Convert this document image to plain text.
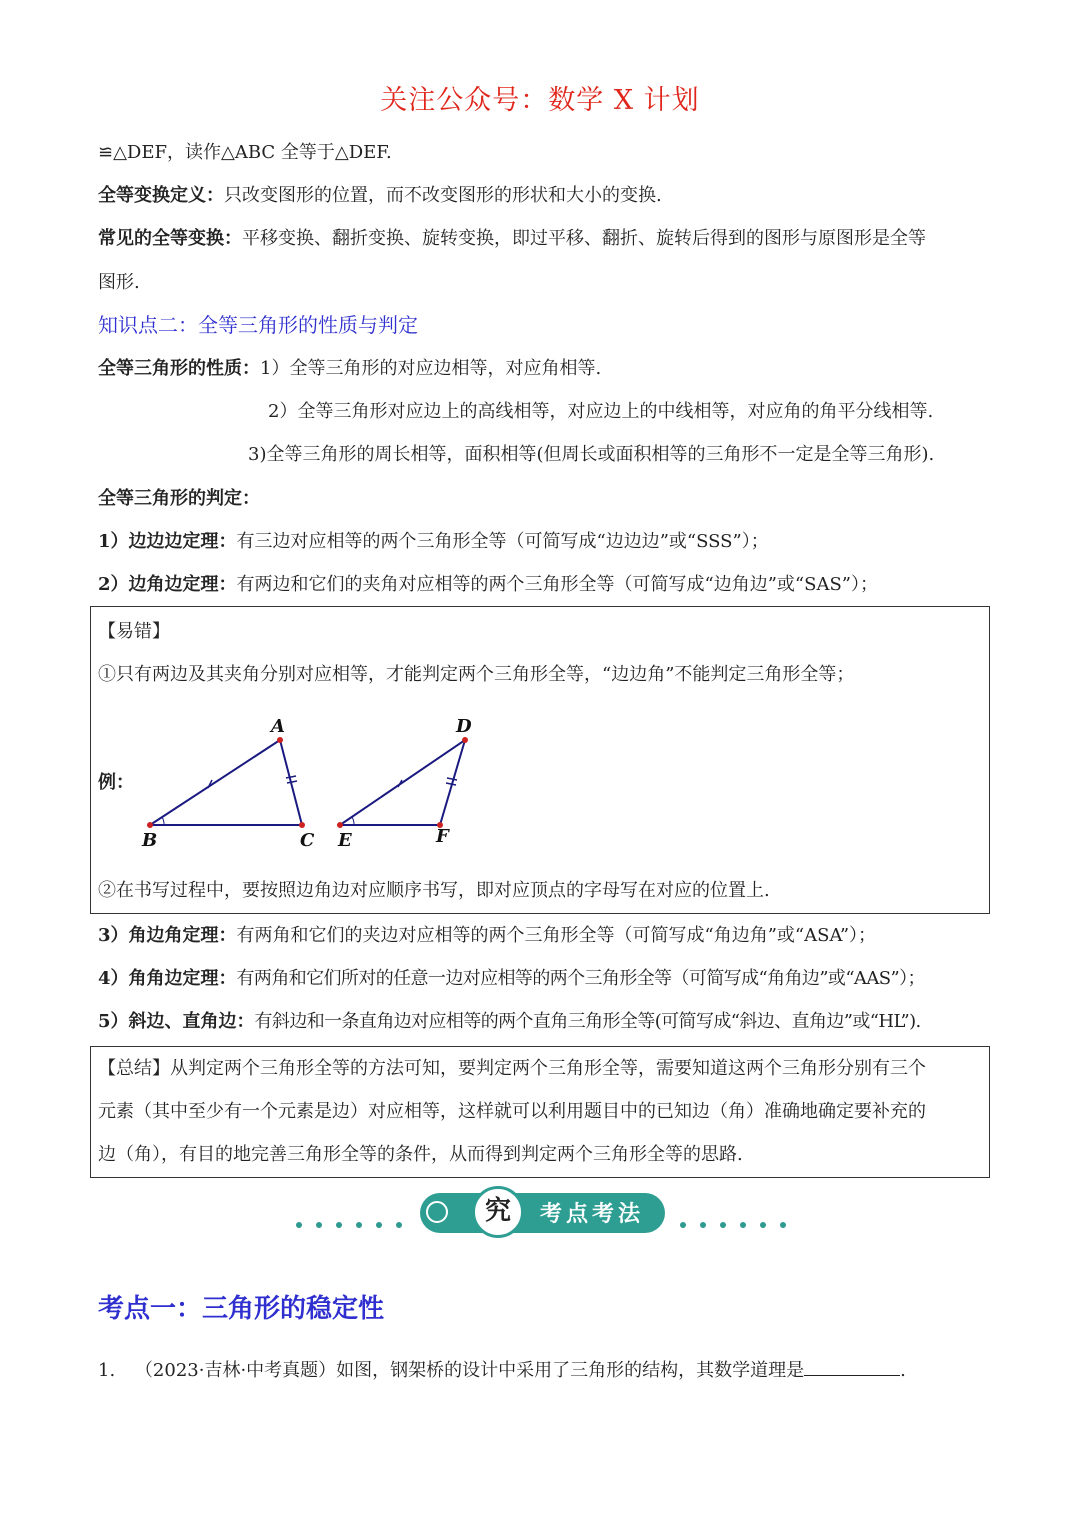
关注公众号：数学 X 计划
≌△DEF，读作△ABC 全等于△DEF.
全等变换定义：只改变图形的位置，而不改变图形的形状和大小的变换.
常见的全等变换：平移变换、翻折变换、旋转变换，即过平移、翻折、旋转后得到的图形与原图形是全等
图形.
知识点二：全等三角形的性质与判定
全等三角形的性质：1）全等三角形的对应边相等，对应角相等.
2）全等三角形对应边上的高线相等，对应边上的中线相等，对应角的角平分线相等.
3)全等三角形的周长相等，面积相等(但周长或面积相等的三角形不一定是全等三角形).
全等三角形的判定：
1）边边边定理：有三边对应相等的两个三角形全等（可简写成“边边边”或“SSS”）；
2）边角边定理：有两边和它们的夹角对应相等的两个三角形全等（可简写成“边角边”或“SAS”）；
【易错】
①只有两边及其夹角分别对应相等，才能判定两个三角形全等，“边边角”不能判定三角形全等；
例：
A
B	C
D
E	F
②在书写过程中，要按照边角边对应顺序书写，即对应顶点的字母写在对应的位置上.
3）角边角定理：有两角和它们的夹边对应相等的两个三角形全等（可简写成“角边角”或“ASA”）；
4）角角边定理：有两角和它们所对的任意一边对应相等的两个三角形全等（可简写成“角角边”或“AAS”）；
5）斜边、直角边：有斜边和一条直角边对应相等的两个直角三角形全等(可简写成“斜边、直角边”或“HL”).
【总结】从判定两个三角形全等的方法可知，要判定两个三角形全等，需要知道这两个三角形分别有三个
元素（其中至少有一个元素是边）对应相等，这样就可以利用题目中的已知边（角）准确地确定要补充的
边（角），有目的地完善三角形全等的条件，从而得到判定两个三角形全等的思路.
究	考点考法
考点一：三角形的稳定性
1. （2023·吉林·中考真题）如图，钢架桥的设计中采用了三角形的结构，其数学道理是	.
